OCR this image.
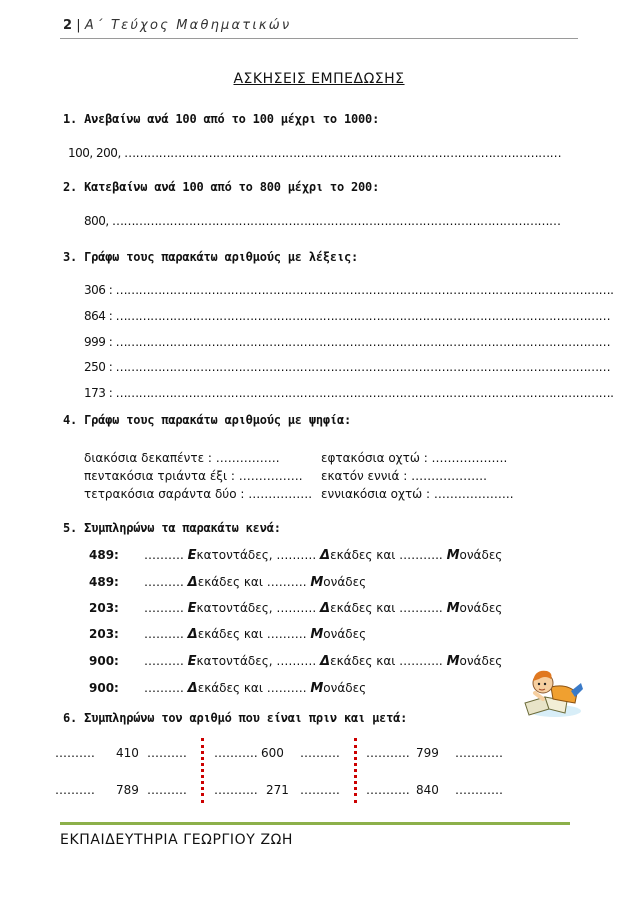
2 | Α΄ Τεύχος Μαθηματικών
ΑΣΚΗΣΕΙΣ ΕΜΠΕΔΩΣΗΣ
1. Ανεβαίνω ανά 100 από το 100 μέχρι το 1000:
100, 200, ……………………………………………………………………………………………………
2. Κατεβαίνω ανά 100 από το 800 μέχρι το 200:
800, ………………………………………………………………………………………………………
3. Γράφω τους παρακάτω αριθμούς με λέξεις:
306 : ………………………………………………………………………………………………………………….
864 : …………………………………………………………………………………………………………………
999 : …………………………………………………………………………………………………………………
250 : …………………………………………………………………………………………………………………
173 : ………………………………………………………………………………………………………………….
4. Γράφω τους παρακάτω αριθμούς με ψηφία:
διακόσια δεκαπέντε : …………….
πεντακόσια τριάντα έξι : …………….
τετρακόσια σαράντα δύο : …………….
εφτακόσια οχτώ : ……………….
εκατόν εννιά : ……………….
εννιακόσια οχτώ : ………………..
5. Συμπληρώνω τα παρακάτω κενά:
489: ………. Εκατοντάδες, ………. Δεκάδες και ……….. Μονάδες
489: ………. Δεκάδες και ………. Μονάδες
203: ………. Εκατοντάδες, ………. Δεκάδες και ……….. Μονάδες
203: ………. Δεκάδες και ………. Μονάδες
900: ………. Εκατοντάδες, ………. Δεκάδες και ……….. Μονάδες
900: ………. Δεκάδες και ………. Μονάδες
6. Συμπληρώνω τον αριθμό που είναι πριν και μετά:
………. 410 ………. ……….. 600 ………. ……….. 799 …………
………. 789 ………. ……….. 271 ………. ……….. 840 …………
ΕΚΠΑΙΔΕΥΤΗΡΙΑ ΓΕΩΡΓΙΟΥ ΖΩΗ
